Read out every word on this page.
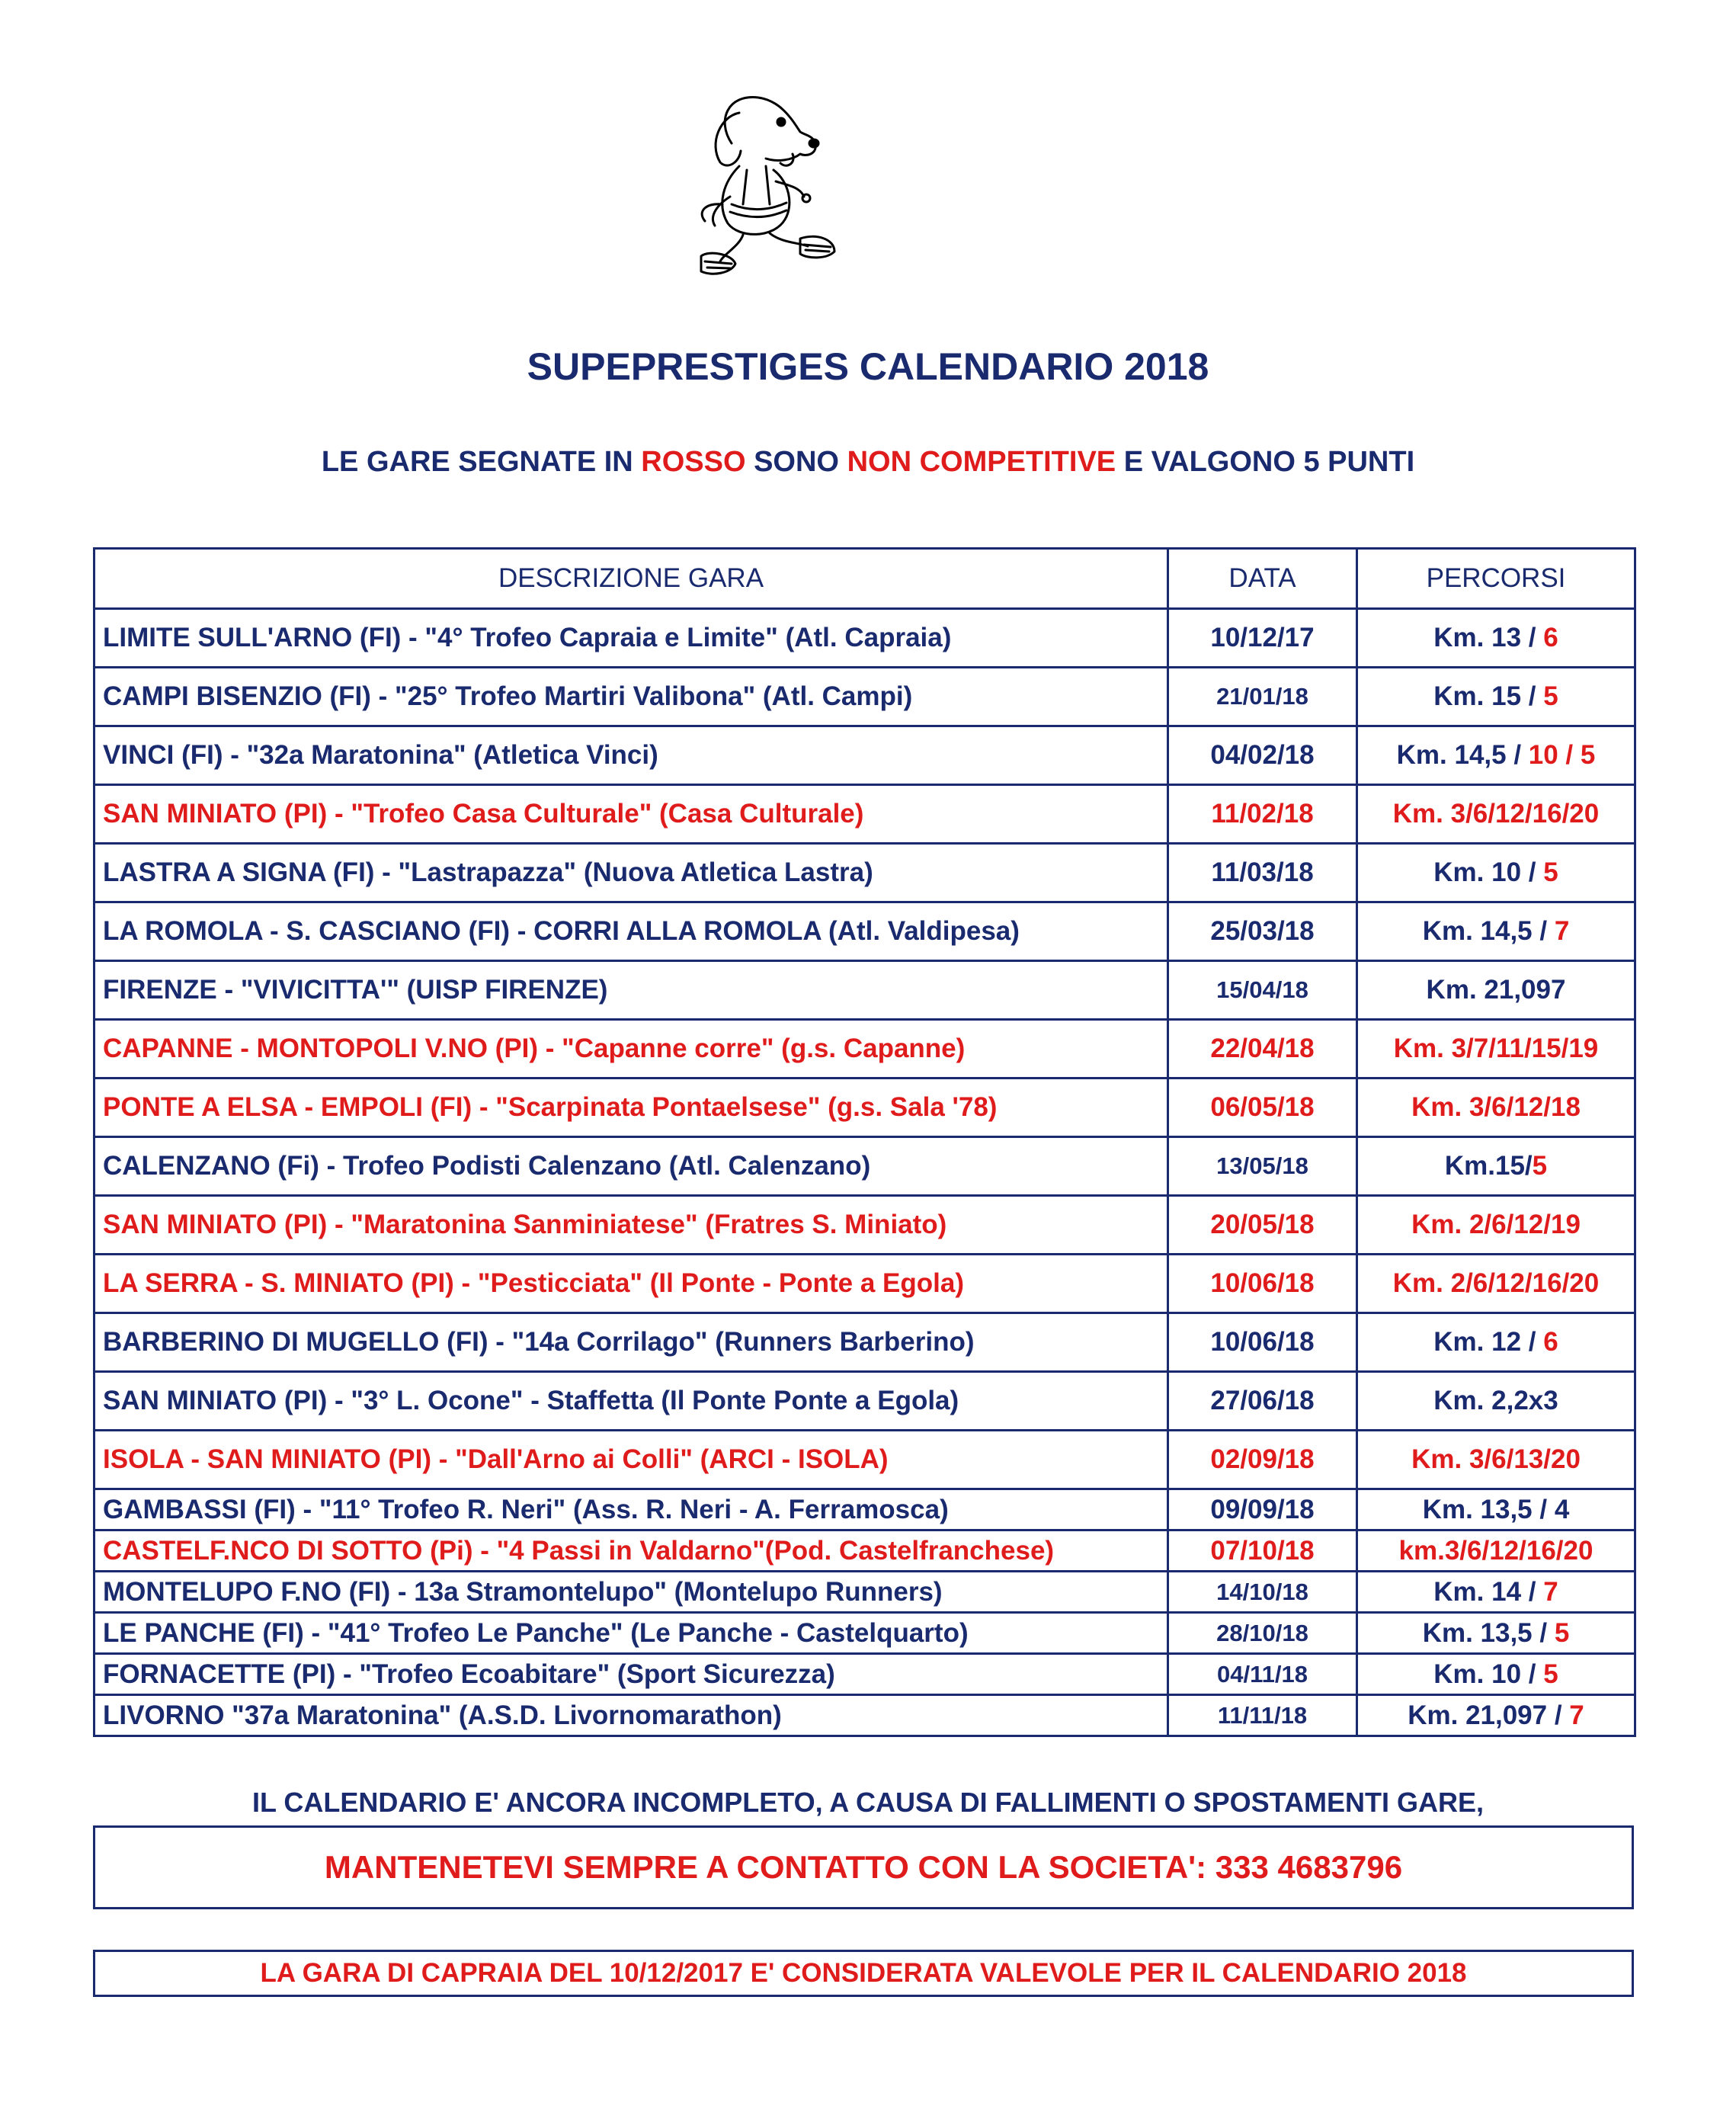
SUPEPRESTIGES CALENDARIO 2018
LE GARE SEGNATE IN ROSSO SONO NON COMPETITIVE E VALGONO 5 PUNTI
DESCRIZIONE GARA	DATA	PERCORSI
LIMITE SULL'ARNO (FI) - "4° Trofeo Capraia e Limite" (Atl. Capraia)	10/12/17	Km. 13 / 6
CAMPI BISENZIO (FI) - "25° Trofeo Martiri Valibona" (Atl. Campi)	21/01/18	Km. 15 / 5
VINCI (FI) - "32a Maratonina" (Atletica Vinci)	04/02/18	Km. 14,5 / 10 / 5
SAN MINIATO (PI) - "Trofeo Casa Culturale" (Casa Culturale)	11/02/18	Km. 3/6/12/16/20
LASTRA A SIGNA (FI) - "Lastrapazza" (Nuova Atletica Lastra)	11/03/18	Km. 10 / 5
LA ROMOLA - S. CASCIANO (FI) - CORRI ALLA ROMOLA (Atl. Valdipesa)	25/03/18	Km. 14,5 / 7
FIRENZE - "VIVICITTA'" (UISP FIRENZE)	15/04/18	Km. 21,097
CAPANNE - MONTOPOLI V.NO (PI) - "Capanne corre" (g.s. Capanne)	22/04/18	Km. 3/7/11/15/19
PONTE A ELSA - EMPOLI (FI) - "Scarpinata Pontaelsese" (g.s. Sala '78)	06/05/18	Km. 3/6/12/18
CALENZANO (Fi) - Trofeo Podisti Calenzano (Atl. Calenzano)	13/05/18	Km.15/5
SAN MINIATO (PI) - "Maratonina Sanminiatese" (Fratres S. Miniato)	20/05/18	Km. 2/6/12/19
LA SERRA - S. MINIATO (PI) - "Pesticciata" (Il Ponte - Ponte a Egola)	10/06/18	Km. 2/6/12/16/20
BARBERINO DI MUGELLO (FI) - "14a Corrilago" (Runners Barberino)	10/06/18	Km. 12 / 6
SAN MINIATO (PI) - "3° L. Ocone" - Staffetta (Il Ponte Ponte a Egola)	27/06/18	Km. 2,2x3
ISOLA - SAN MINIATO (PI) - "Dall'Arno ai Colli" (ARCI - ISOLA)	02/09/18	Km. 3/6/13/20
GAMBASSI (FI) - "11° Trofeo R. Neri" (Ass. R. Neri - A. Ferramosca)	09/09/18	Km. 13,5 / 4
CASTELF.NCO DI SOTTO (Pi) - "4 Passi in Valdarno"(Pod. Castelfranchese)	07/10/18	km.3/6/12/16/20
MONTELUPO F.NO (FI) - 13a Stramontelupo" (Montelupo Runners)	14/10/18	Km. 14 / 7
LE PANCHE (FI) - "41° Trofeo Le Panche" (Le Panche - Castelquarto)	28/10/18	Km. 13,5 / 5
FORNACETTE (PI) - "Trofeo Ecoabitare" (Sport Sicurezza)	04/11/18	Km. 10 / 5
LIVORNO "37a Maratonina" (A.S.D. Livornomarathon)	11/11/18	Km. 21,097 / 7
IL CALENDARIO E' ANCORA INCOMPLETO, A CAUSA DI FALLIMENTI O SPOSTAMENTI GARE,
MANTENETEVI SEMPRE A CONTATTO CON LA SOCIETA': 333 4683796
LA GARA DI CAPRAIA DEL 10/12/2017 E' CONSIDERATA VALEVOLE PER IL CALENDARIO 2018
